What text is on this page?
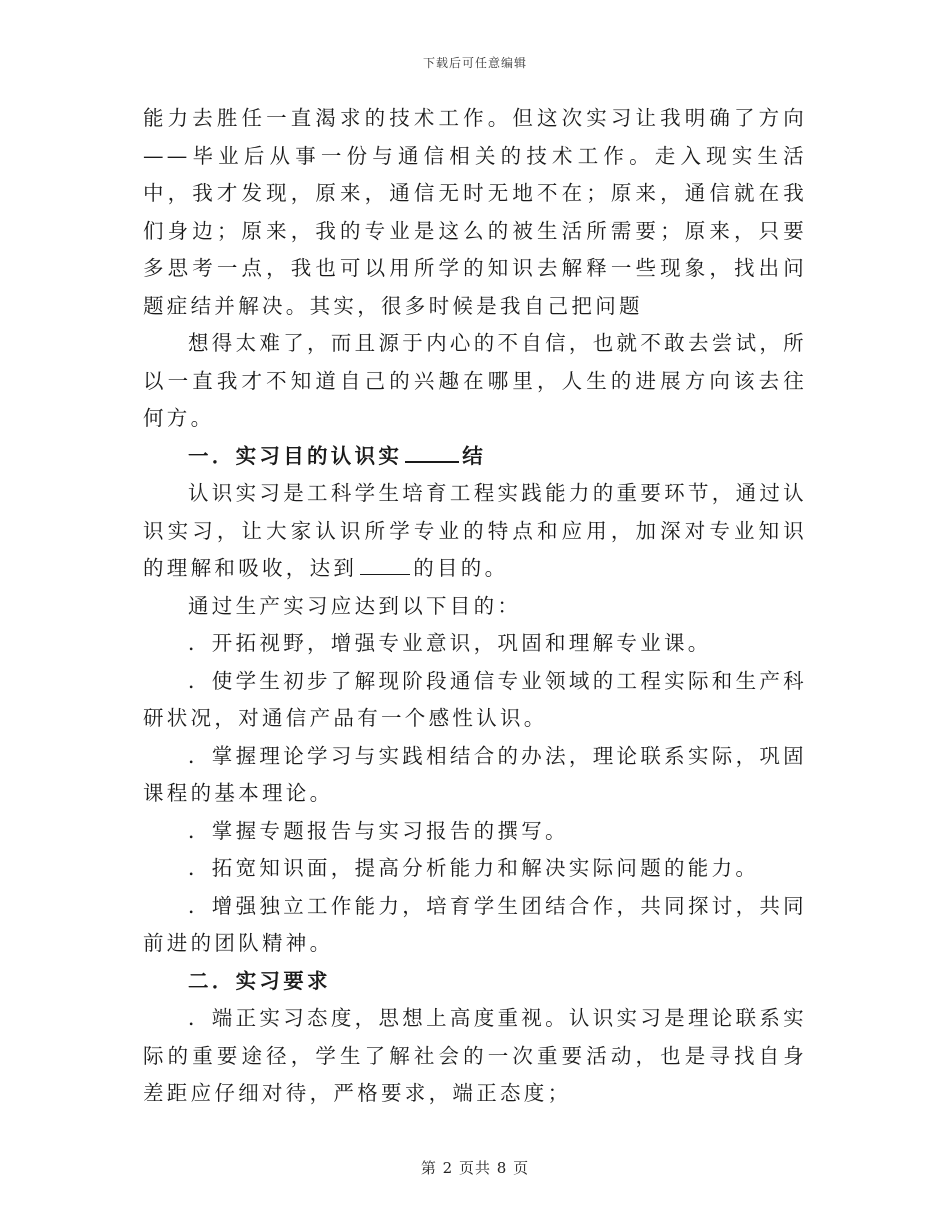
下载后可任意编辑

能力去胜任一直渴求的技术工作。但这次实习让我明确了方向——毕业后从事一份与通信相关的技术工作。走入现实生活中，我才发现，原来，通信无时无地不在；原来，通信就在我们身边；原来，我的专业是这么的被生活所需要；原来，只要多思考一点，我也可以用所学的知识去解释一些现象，找出问题症结并解决。其实，很多时候是我自己把问题

想得太难了，而且源于内心的不自信，也就不敢去尝试，所以一直我才不知道自己的兴趣在哪里，人生的进展方向该去往何方。

一．实习目的认识实	结

认识实习是工科学生培育工程实践能力的重要环节，通过认识实习，让大家认识所学专业的特点和应用，加深对专业知识的理解和吸收，达到	的目的。

通过生产实习应达到以下目的：

．开拓视野，增强专业意识，巩固和理解专业课。

．使学生初步了解现阶段通信专业领域的工程实际和生产科研状况，对通信产品有一个感性认识。

．掌握理论学习与实践相结合的办法，理论联系实际，巩固课程的基本理论。

．掌握专题报告与实习报告的撰写。

．拓宽知识面，提高分析能力和解决实际问题的能力。

．增强独立工作能力，培育学生团结合作，共同探讨，共同前进的团队精神。

二．实习要求

．端正实习态度，思想上高度重视。认识实习是理论联系实际的重要途径，学生了解社会的一次重要活动，也是寻找自身差距应仔细对待，严格要求，端正态度；

第 2 页共 8 页
